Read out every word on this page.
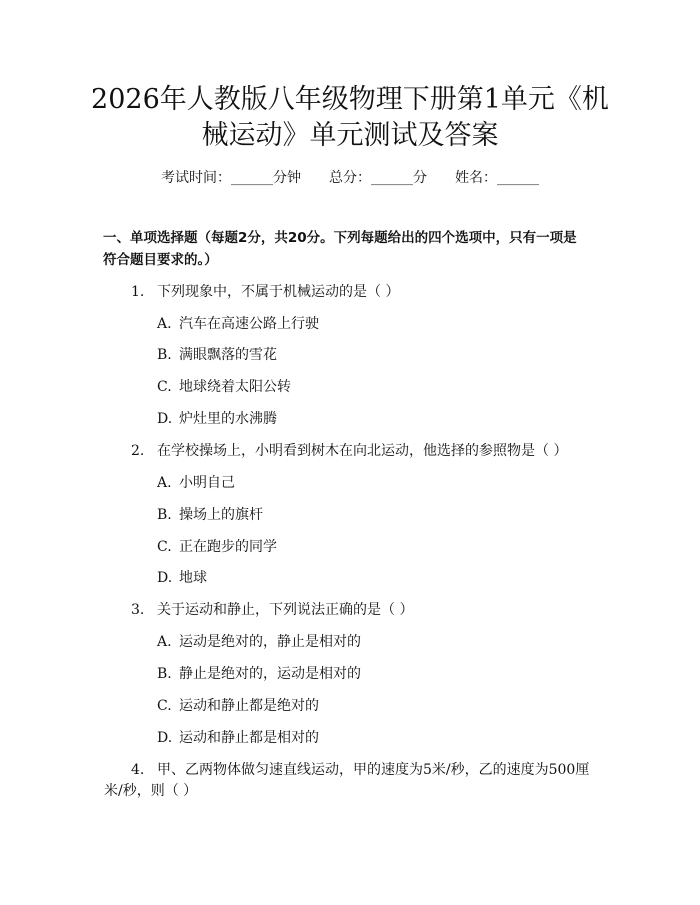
2026年人教版八年级物理下册第1单元《机
械运动》单元测试及答案
考试时间：______分钟 总分：______分 姓名：______

一、单项选择题（每题2分，共20分。下列每题给出的四个选项中，只有一项是

符合题目要求的。）

1. 下列现象中，不属于机械运动的是（ ）
A. 汽车在高速公路上行驶
B. 满眼飘落的雪花
C. 地球绕着太阳公转
D. 炉灶里的水沸腾
2. 在学校操场上，小明看到树木在向北运动，他选择的参照物是（ ）
A. 小明自己
B. 操场上的旗杆
C. 正在跑步的同学
D. 地球
3. 关于运动和静止，下列说法正确的是（ ）
A. 运动是绝对的，静止是相对的
B. 静止是绝对的，运动是相对的
C. 运动和静止都是绝对的
D. 运动和静止都是相对的
4. 甲、乙两物体做匀速直线运动，甲的速度为5米/秒，乙的速度为500厘
米/秒，则（ ）
